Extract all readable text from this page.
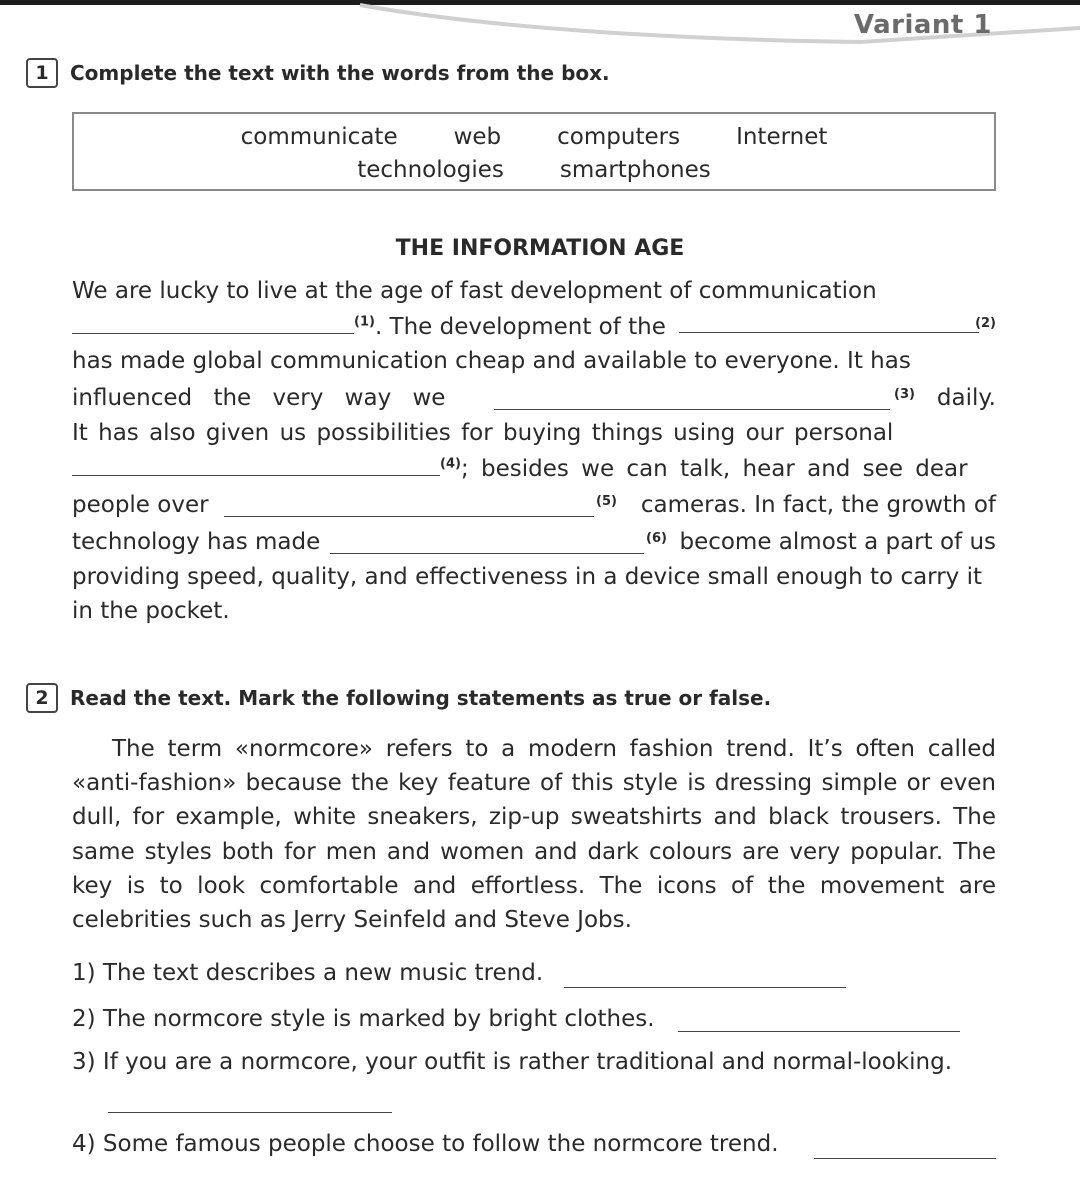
Variant 1
1	Complete the text with the words from the box.
communicate web computers Internet
technologies smartphones
THE INFORMATION AGE
We are lucky to live at the age of fast development of communication
$^{(1)}$. The development of the	(2)
has made global communication cheap and available to everyone. It has
influenced the very way we	(3) daily.
It has also given us possibilities for buying things using our personal
$^{(4)}$; besides we can talk, hear and see dear
people over	(5) cameras. In fact, the growth of
technology has made	(6) become almost a part of us
providing speed, quality, and effectiveness in a device small enough to carry it
in the pocket.
2	Read the text. Mark the following statements as true or false.
The term «normcore» refers to a modern fashion trend. It’s often called «anti-fashion» because the key feature of this style is dressing simple or even dull, for example, white sneakers, zip-up sweatshirts and black trousers. The same styles both for men and women and dark colours are very popular. The key is to look comfortable and effortless. The icons of the movement are celebrities such as Jerry Seinfeld and Steve Jobs.
1) The text describes a new music trend.
2) The normcore style is marked by bright clothes.
3) If you are a normcore, your outfit is rather traditional and normal-looking.
4) Some famous people choose to follow the normcore trend.
